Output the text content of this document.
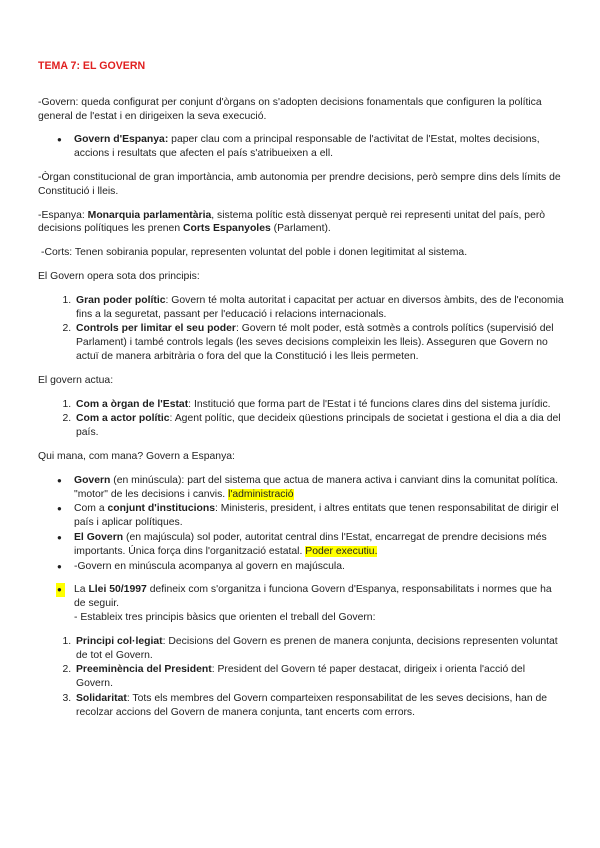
TEMA 7: EL GOVERN

-Govern: queda configurat per conjunt d'òrgans on s'adopten decisions fonamentals que configuren la política general de l'estat i en dirigeixen la seva execució.

● Govern d'Espanya: paper clau com a principal responsable de l'activitat de l'Estat, moltes decisions, accions i resultats que afecten el país s'atribueixen a ell.

-Òrgan constitucional de gran importància, amb autonomia per prendre decisions, però sempre dins dels límits de Constitució i lleis.

-Espanya: Monarquia parlamentària, sistema polític està dissenyat perquè rei representi unitat del país, però decisions polítiques les prenen Corts Espanyoles (Parlament).

-Corts: Tenen sobirania popular, representen voluntat del poble i donen legitimitat al sistema.

El Govern opera sota dos principis:

1. Gran poder polític: Govern té molta autoritat i capacitat per actuar en diversos àmbits, des de l'economia fins a la seguretat, passant per l'educació i relacions internacionals.
2. Controls per limitar el seu poder: Govern té molt poder, està sotmès a controls polítics (supervisió del Parlament) i també controls legals (les seves decisions compleixin les lleis). Asseguren que Govern no actuï de manera arbitrària o fora del que la Constitució i les lleis permeten.

El govern actua:

1. Com a òrgan de l'Estat: Institució que forma part de l'Estat i té funcions clares dins del sistema jurídic.
2. Com a actor polític: Agent polític, que decideix qüestions principals de societat i gestiona el dia a dia del país.

Qui mana, com mana? Govern a Espanya:

● Govern (en minúscula): part del sistema que actua de manera activa i canviant dins la comunitat política. "motor" de les decisions i canvis. l'administració
● Com a conjunt d'institucions: Ministeris, president, i altres entitats que tenen responsabilitat de dirigir el país i aplicar polítiques.
● El Govern (en majúscula) sol poder, autoritat central dins l'Estat, encarregat de prendre decisions més importants. Única força dins l'organització estatal. Poder executiu.
● -Govern en minúscula acompanya al govern en majúscula.
● La Llei 50/1997 defineix com s'organitza i funciona Govern d'Espanya, responsabilitats i normes que ha de seguir.
- Estableix tres principis bàsics que orienten el treball del Govern:
1. Principi col·legiat: Decisions del Govern es prenen de manera conjunta, decisions representen voluntat de tot el Govern.
2. Preeminència del President: President del Govern té paper destacat, dirigeix i orienta l'acció del Govern.
3. Solidaritat: Tots els membres del Govern comparteixen responsabilitat de les seves decisions, han de recolzar accions del Govern de manera conjunta, tant encerts com errors.
